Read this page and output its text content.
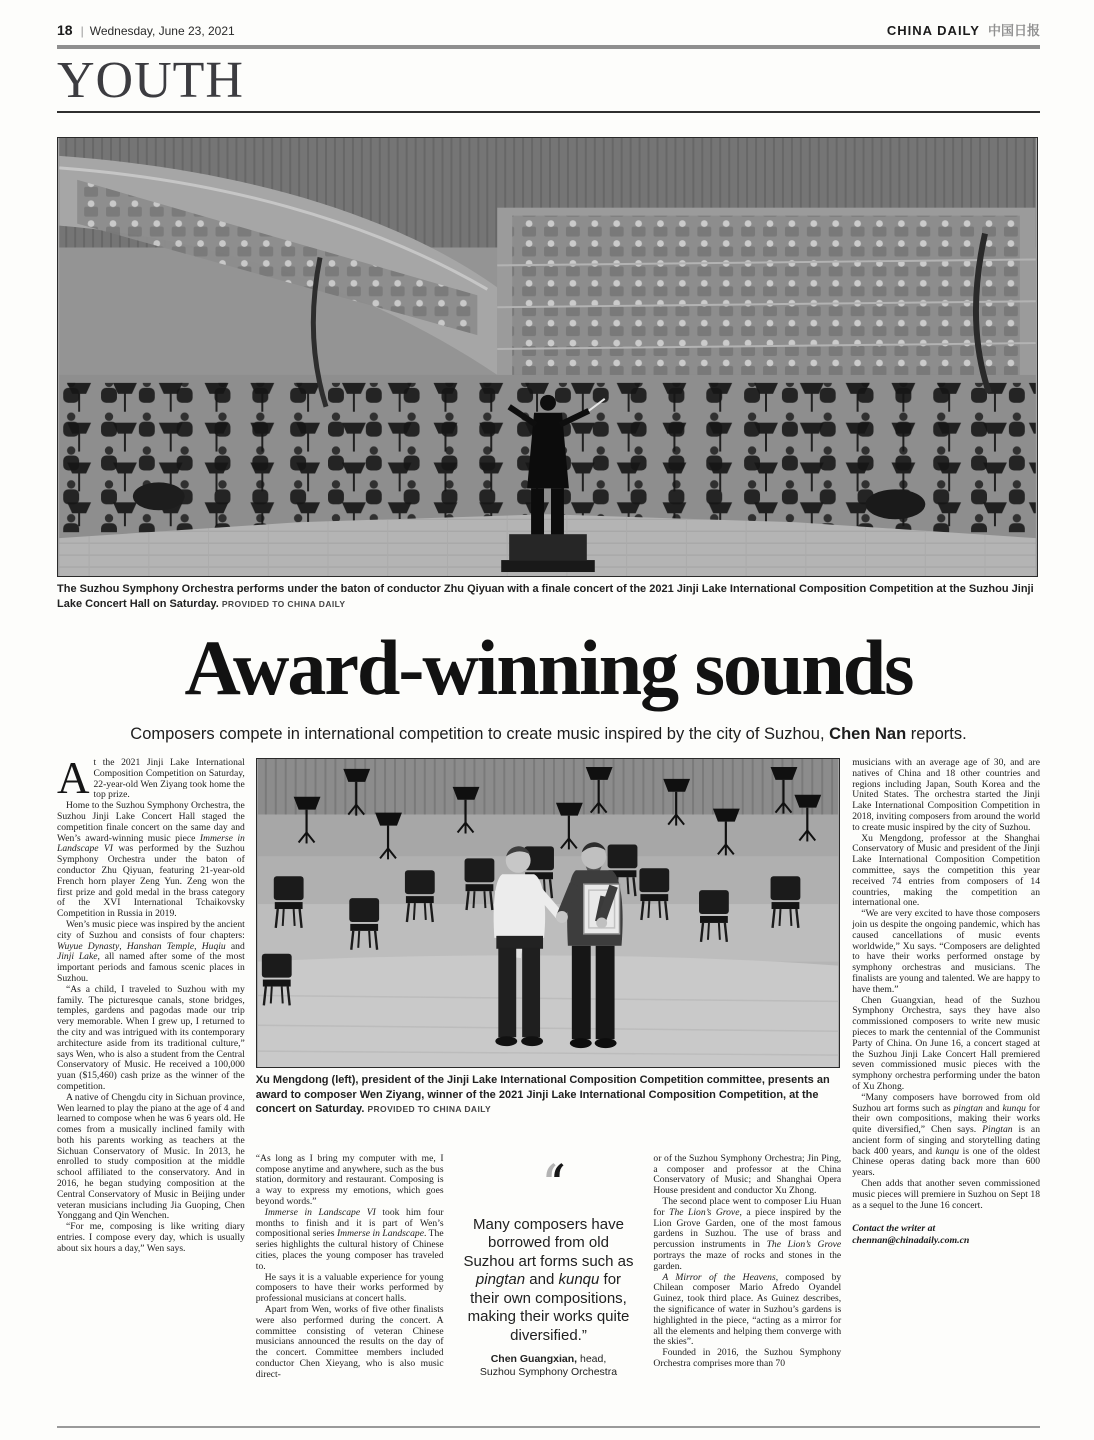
18 | Wednesday, June 23, 2021	CHINA DAILY 中国日报
YOUTH
The Suzhou Symphony Orchestra performs under the baton of conductor Zhu Qiyuan with a finale concert of the 2021 Jinji Lake International Composition Competition at the Suzhou Jinji Lake Concert Hall on Saturday. PROVIDED TO CHINA DAILY
Award-winning sounds
Composers compete in international competition to create music inspired by the city of Suzhou, Chen Nan reports.

At the 2021 Jinji Lake International Composition Competition on Saturday, 22-year-old Wen Ziyang took home the top prize.

Home to the Suzhou Symphony Orchestra, the Suzhou Jinji Lake Concert Hall staged the competition finale concert on the same day and Wen’s award-winning music piece Immerse in Landscape VI was performed by the Suzhou Symphony Orchestra under the baton of conductor Zhu Qiyuan, featuring 21-year-old French horn player Zeng Yun. Zeng won the first prize and gold medal in the brass category of the XVI International Tchaikovsky Competition in Russia in 2019.

Wen’s music piece was inspired by the ancient city of Suzhou and consists of four chapters: Wuyue Dynasty, Hanshan Temple, Huqiu and Jinji Lake, all named after some of the most important periods and famous scenic places in Suzhou.

“As a child, I traveled to Suzhou with my family. The picturesque canals, stone bridges, temples, gardens and pagodas made our trip very memorable. When I grew up, I returned to the city and was intrigued with its contemporary architecture aside from its traditional culture,” says Wen, who is also a student from the Central Conservatory of Music. He received a 100,000 yuan ($15,460) cash prize as the winner of the competition.

A native of Chengdu city in Sichuan province, Wen learned to play the piano at the age of 4 and learned to compose when he was 6 years old. He comes from a musically inclined family with both his parents working as teachers at the Sichuan Conservatory of Music. In 2013, he enrolled to study composition at the middle school affiliated to the conservatory. And in 2016, he began studying composition at the Central Conservatory of Music in Beijing under veteran musicians including Jia Guoping, Chen Yonggang and Qin Wenchen.

“For me, composing is like writing diary entries. I compose every day, which is usually about six hours a day,” Wen says.

Xu Mengdong (left), president of the Jinji Lake International Composition Competition committee, presents an award to composer Wen Ziyang, winner of the 2021 Jinji Lake International Composition Competition, at the concert on Saturday. PROVIDED TO CHINA DAILY

“As long as I bring my computer with me, I compose anytime and anywhere, such as the bus station, dormitory and restaurant. Composing is a way to express my emotions, which goes beyond words.”

Immerse in Landscape VI took him four months to finish and it is part of Wen’s compositional series Immerse in Landscape. The series highlights the cultural history of Chinese cities, places the young composer has traveled to.

He says it is a valuable experience for young composers to have their works performed by professional musicians at concert halls.

Apart from Wen, works of five other finalists were also performed during the concert. A committee consisting of veteran Chinese musicians announced the results on the day of the concert. Committee members included conductor Chen Xieyang, who is also music direct-

‘‘
Many composers have borrowed from old Suzhou art forms such as pingtan and kunqu for their own compositions, making their works quite diversified.”
Chen Guangxian, head,
Suzhou Symphony Orchestra

or of the Suzhou Symphony Orchestra; Jin Ping, a composer and professor at the China Conservatory of Music; and Shanghai Opera House president and conductor Xu Zhong.

The second place went to composer Liu Huan for The Lion’s Grove, a piece inspired by the Lion Grove Garden, one of the most famous gardens in Suzhou. The use of brass and percussion instruments in The Lion’s Grove portrays the maze of rocks and stones in the garden.

A Mirror of the Heavens, composed by Chilean composer Mario Afredo Oyandel Guinez, took third place. As Guinez describes, the significance of water in Suzhou’s gardens is highlighted in the piece, “acting as a mirror for all the elements and helping them converge with the skies”.

Founded in 2016, the Suzhou Symphony Orchestra comprises more than 70

musicians with an average age of 30, and are natives of China and 18 other countries and regions including Japan, South Korea and the United States. The orchestra started the Jinji Lake International Composition Competition in 2018, inviting composers from around the world to create music inspired by the city of Suzhou.

Xu Mengdong, professor at the Shanghai Conservatory of Music and president of the Jinji Lake International Composition Competition committee, says the competition this year received 74 entries from composers of 14 countries, making the competition an international one.

“We are very excited to have those composers join us despite the ongoing pandemic, which has caused cancellations of music events worldwide,” Xu says. “Composers are delighted to have their works performed onstage by symphony orchestras and musicians. The finalists are young and talented. We are happy to have them.”

Chen Guangxian, head of the Suzhou Symphony Orchestra, says they have also commissioned composers to write new music pieces to mark the centennial of the Communist Party of China. On June 16, a concert staged at the Suzhou Jinji Lake Concert Hall premiered seven commissioned music pieces with the symphony orchestra performing under the baton of Xu Zhong.

“Many composers have borrowed from old Suzhou art forms such as pingtan and kunqu for their own compositions, making their works quite diversified,” Chen says. Pingtan is an ancient form of singing and storytelling dating back 400 years, and kunqu is one of the oldest Chinese operas dating back more than 600 years.

Chen adds that another seven commissioned music pieces will premiere in Suzhou on Sept 18 as a sequel to the June 16 concert.

Contact the writer at
chennan@chinadaily.com.cn
